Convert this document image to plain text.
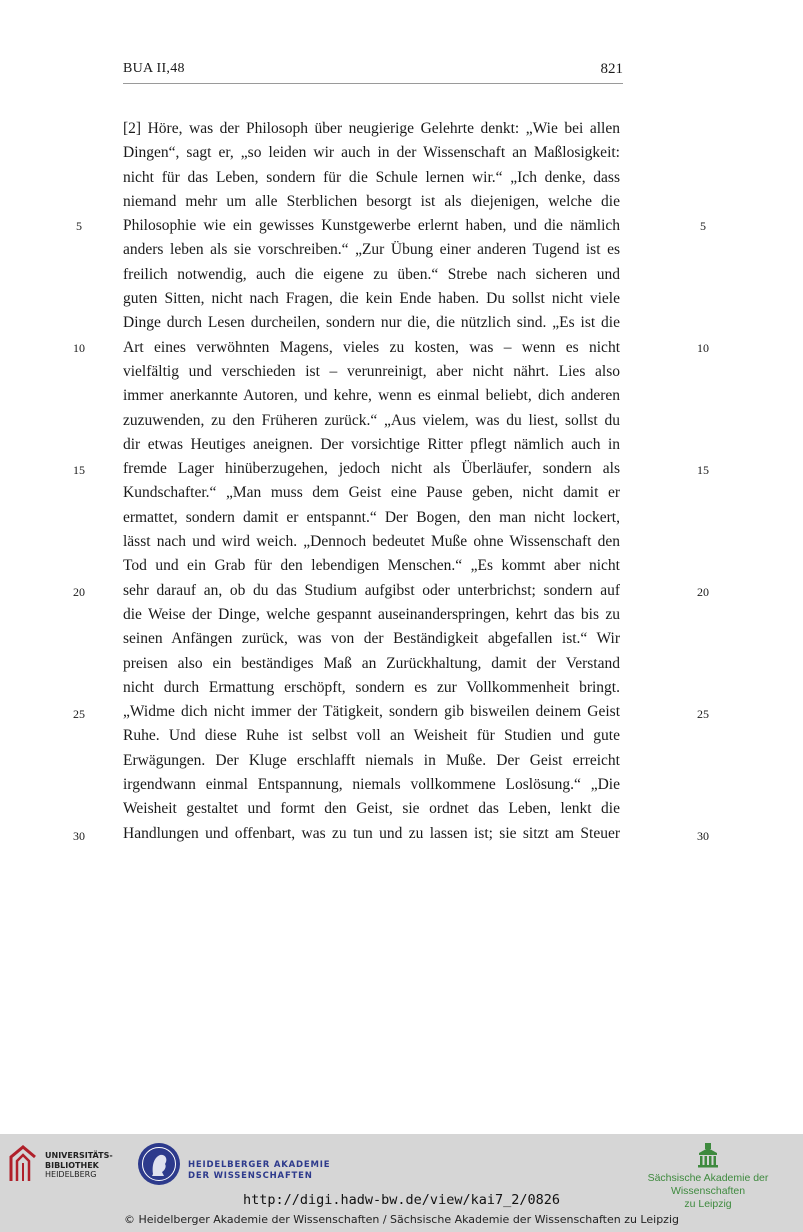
BUA II,48	821
[2] Höre, was der Philosoph über neugierige Gelehrte denkt: „Wie bei allen
Dingen“, sagt er, „so leiden wir auch in der Wissenschaft an Maßlosigkeit:
nicht für das Leben, sondern für die Schule lernen wir.“ „Ich denke, dass
niemand mehr um alle Sterblichen besorgt ist als diejenigen, welche die
Philosophie wie ein gewisses Kunstgewerbe erlernt haben, und die nämlich
anders leben als sie vorschreiben.“ „Zur Übung einer anderen Tugend ist es
freilich notwendig, auch die eigene zu üben.“ Strebe nach sicheren und
guten Sitten, nicht nach Fragen, die kein Ende haben. Du sollst nicht viele
Dinge durch Lesen durcheilen, sondern nur die, die nützlich sind. „Es ist die
Art eines verwöhnten Magens, vieles zu kosten, was – wenn es nicht
vielfältig und verschieden ist – verunreinigt, aber nicht nährt. Lies also
immer anerkannte Autoren, und kehre, wenn es einmal beliebt, dich anderen
zuzuwenden, zu den Früheren zurück.“ „Aus vielem, was du liest, sollst du
dir etwas Heutiges aneignen. Der vorsichtige Ritter pflegt nämlich auch in
fremde Lager hinüberzugehen, jedoch nicht als Überläufer, sondern als
Kundschafter.“ „Man muss dem Geist eine Pause geben, nicht damit er
ermattet, sondern damit er entspannt.“ Der Bogen, den man nicht lockert,
lässt nach und wird weich. „Dennoch bedeutet Muße ohne Wissenschaft den
Tod und ein Grab für den lebendigen Menschen.“ „Es kommt aber nicht
sehr darauf an, ob du das Studium aufgibst oder unterbrichst; sondern auf
die Weise der Dinge, welche gespannt auseinanderspringen, kehrt das bis zu
seinen Anfängen zurück, was von der Beständigkeit abgefallen ist.“ Wir
preisen also ein beständiges Maß an Zurückhaltung, damit der Verstand
nicht durch Ermattung erschöpft, sondern es zur Vollkommenheit bringt.
„Widme dich nicht immer der Tätigkeit, sondern gib bisweilen deinem Geist
Ruhe. Und diese Ruhe ist selbst voll an Weisheit für Studien und gute
Erwägungen. Der Kluge erschlafft niemals in Muße. Der Geist erreicht
irgendwann einmal Entspannung, niemals vollkommene Loslösung.“ „Die
Weisheit gestaltet und formt den Geist, sie ordnet das Leben, lenkt die
Handlungen und offenbart, was zu tun und zu lassen ist; sie sitzt am Steuer
5
10
15
20
25
30
5
10
15
20
25
30
UNIVERSITÄTS-
BIBLIOTHEK
HEIDELBERG
HEIDELBERGER AKADEMIE
DER WISSENSCHAFTEN	Sächsische Akademie der Wissenschaften
zu Leipzig
http://digi.hadw-bw.de/view/kai7_2/0826
© Heidelberger Akademie der Wissenschaften / Sächsische Akademie der Wissenschaften zu Leipzig
